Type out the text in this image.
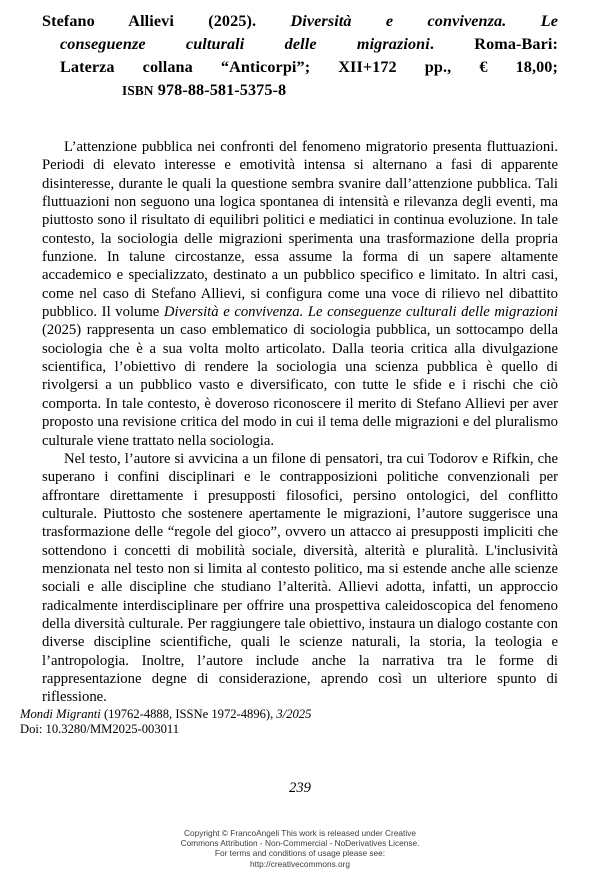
Stefano Allievi (2025). Diversità e convivenza. Le
conseguenze culturali delle migrazioni. Roma-Bari:
Laterza collana “Anticorpi”; XII+172 pp., € 18,00;
ISBN 978-88-581-5375-8

L’attenzione pubblica nei confronti del fenomeno migratorio presenta fluttuazioni. Periodi di elevato interesse e emotività intensa si alternano a fasi di apparente disinteresse, durante le quali la questione sembra svanire dall’attenzione pubblica. Tali fluttuazioni non seguono una logica spontanea di intensità e rilevanza degli eventi, ma piuttosto sono il risultato di equilibri politici e mediatici in continua evoluzione. In tale contesto, la sociologia delle migrazioni sperimenta una trasformazione della propria funzione. In talune circostanze, essa assume la forma di un sapere altamente accademico e specializzato, destinato a un pubblico specifico e limitato. In altri casi, come nel caso di Stefano Allievi, si configura come una voce di rilievo nel dibattito pubblico. Il volume Diversità e convivenza. Le conseguenze culturali delle migrazioni (2025) rappresenta un caso emblematico di sociologia pubblica, un sottocampo della sociologia che è a sua volta molto articolato. Dalla teoria critica alla divulgazione scientifica, l’obiettivo di rendere la sociologia una scienza pubblica è quello di rivolgersi a un pubblico vasto e diversificato, con tutte le sfide e i rischi che ciò comporta. In tale contesto, è doveroso riconoscere il merito di Stefano Allievi per aver proposto una revisione critica del modo in cui il tema delle migrazioni e del pluralismo culturale viene trattato nella sociologia.

Nel testo, l’autore si avvicina a un filone di pensatori, tra cui Todorov e Rifkin, che superano i confini disciplinari e le contrapposizioni politiche convenzionali per affrontare direttamente i presupposti filosofici, persino ontologici, del conflitto culturale. Piuttosto che sostenere apertamente le migrazioni, l’autore suggerisce una trasformazione delle “regole del gioco”, ovvero un attacco ai presupposti impliciti che sottendono i concetti di mobilità sociale, diversità, alterità e pluralità. L'inclusività menzionata nel testo non si limita al contesto politico, ma si estende anche alle scienze sociali e alle discipline che studiano l’alterità. Allievi adotta, infatti, un approccio radicalmente interdisciplinare per offrire una prospettiva caleidoscopica del fenomeno della diversità culturale. Per raggiungere tale obiettivo, instaura un dialogo costante con diverse discipline scientifiche, quali le scienze naturali, la storia, la teologia e l’antropologia. Inoltre, l’autore include anche la narrativa tra le forme di rappresentazione degne di considerazione, aprendo così un ulteriore spunto di riflessione.

Mondi Migranti (19762-4888, ISSNe 1972-4896), 3/2025
Doi: 10.3280/MM2025-003011
239
Copyright © FrancoAngeli This work is released under Creative
Commons Attribution - Non-Commercial - NoDerivatives License.
For terms and conditions of usage please see:
http://creativecommons.org
